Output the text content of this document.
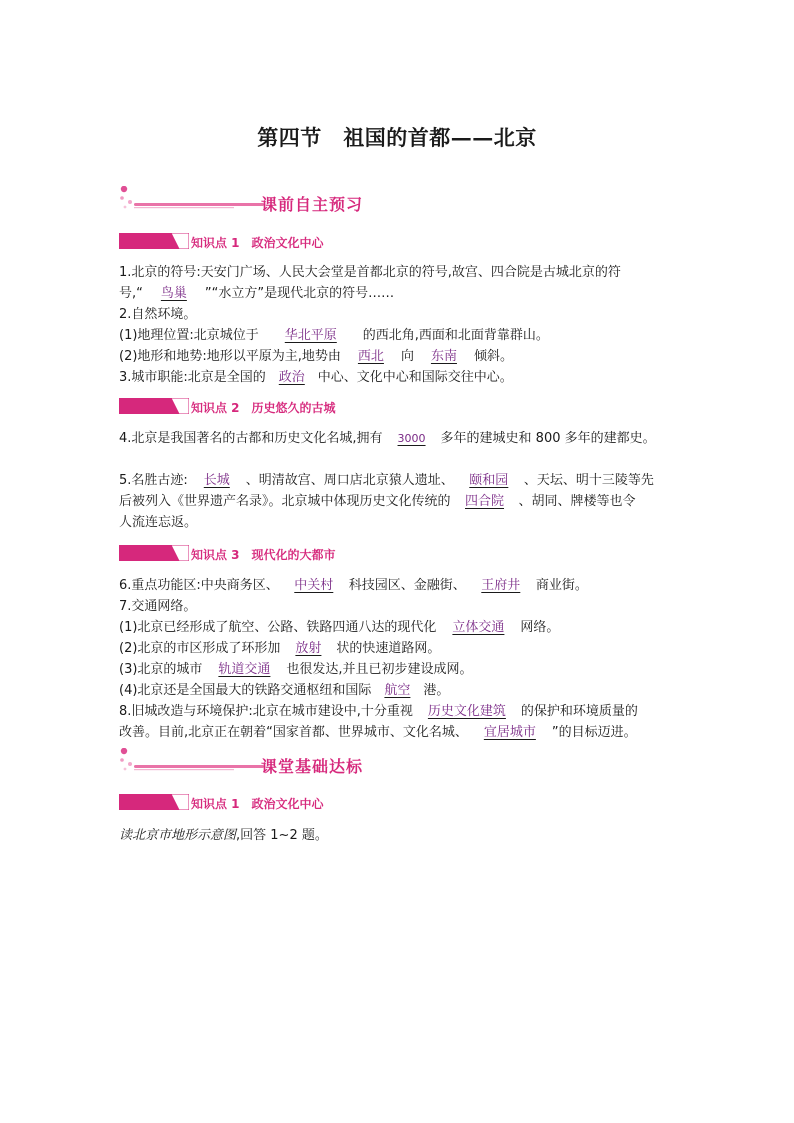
第四节　祖国的首都——北京
课前自主预习
知识点 1　政治文化中心
1.北京的符号:天安门广场、人民大会堂是首都北京的符号,故宫、四合院是古城北京的符
号,“ 鸟巢 ”“水立方”是现代北京的符号……
2.自然环境。
(1)地理位置:北京城位于 华北平原 的西北角,西面和北面背靠群山。
(2)地形和地势:地形以平原为主,地势由 西北 向 东南 倾斜。
3.城市职能:北京是全国的 政治 中心、文化中心和国际交往中心。
知识点 2　历史悠久的古城
4.北京是我国著名的古都和历史文化名城,拥有 3000 多年的建城史和 800 多年的建都史。
5.名胜古迹: 长城 、明清故宫、周口店北京猿人遗址、 颐和园 、天坛、明十三陵等先
后被列入《世界遗产名录》。北京城中体现历史文化传统的 四合院 、胡同、牌楼等也令
人流连忘返。
知识点 3　现代化的大都市
6.重点功能区:中央商务区、 中关村 科技园区、金融街、 王府井 商业街。
7.交通网络。
(1)北京已经形成了航空、公路、铁路四通八达的现代化 立体交通 网络。
(2)北京的市区形成了环形加 放射 状的快速道路网。
(3)北京的城市 轨道交通 也很发达,并且已初步建设成网。
(4)北京还是全国最大的铁路交通枢纽和国际 航空 港。
8.旧城改造与环境保护:北京在城市建设中,十分重视 历史文化建筑 的保护和环境质量的
改善。目前,北京正在朝着“国家首都、世界城市、文化名城、 宜居城市 ”的目标迈进。
课堂基础达标
知识点 1　政治文化中心
读北京市地形示意图,回答 1~2 题。
